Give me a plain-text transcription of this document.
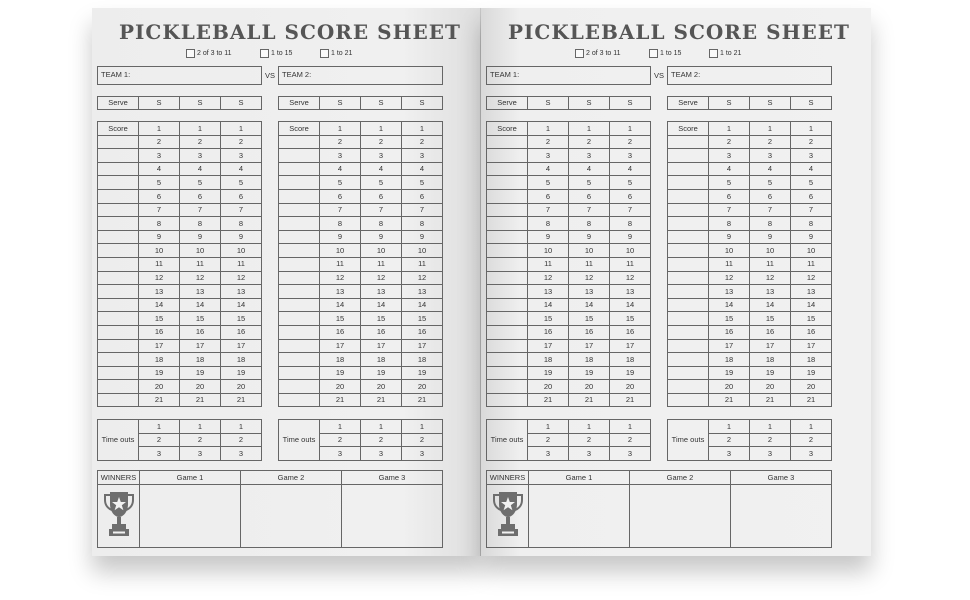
PICKLEBALL SCORE SHEET
2 of 3 to 11	1 to 15	1 to 21
TEAM 1:	VS TEAM 2:
Serve	S	S	S	Serve	S	S	S
Score	1	1	1
	2	2	2
	3	3	3
	4	4	4
	5	5	5
	6	6	6
	7	7	7
	8	8	8
	9	9	9
	10	10	10
	11	11	11
	12	12	12
	13	13	13
	14	14	14
	15	15	15
	16	16	16
	17	17	17
	18	18	18
	19	19	19
	20	20	20
	21	21	21
Score	1	1	1
	2	2	2
	3	3	3
	4	4	4
	5	5	5
	6	6	6
	7	7	7
	8	8	8
	9	9	9
	10	10	10
	11	11	11
	12	12	12
	13	13	13
	14	14	14
	15	15	15
	16	16	16
	17	17	17
	18	18	18
	19	19	19
	20	20	20
	21	21	21
Time outs	1	1	1
	2	2	2
	3	3	3
Time outs	1	1	1
	2	2	2
	3	3	3
WINNERS	Game 1	Game 2	Game 3

PICKLEBALL SCORE SHEET
2 of 3 to 11	1 to 15	1 to 21
TEAM 1:	VS TEAM 2:
Serve	S	S	S	Serve	S	S	S
Score	1	1	1
	2	2	2
	3	3	3
	4	4	4
	5	5	5
	6	6	6
	7	7	7
	8	8	8
	9	9	9
	10	10	10
	11	11	11
	12	12	12
	13	13	13
	14	14	14
	15	15	15
	16	16	16
	17	17	17
	18	18	18
	19	19	19
	20	20	20
	21	21	21
Score	1	1	1
	2	2	2
	3	3	3
	4	4	4
	5	5	5
	6	6	6
	7	7	7
	8	8	8
	9	9	9
	10	10	10
	11	11	11
	12	12	12
	13	13	13
	14	14	14
	15	15	15
	16	16	16
	17	17	17
	18	18	18
	19	19	19
	20	20	20
	21	21	21
Time outs	1	1	1
	2	2	2
	3	3	3
Time outs	1	1	1
	2	2	2
	3	3	3
WINNERS	Game 1	Game 2	Game 3
